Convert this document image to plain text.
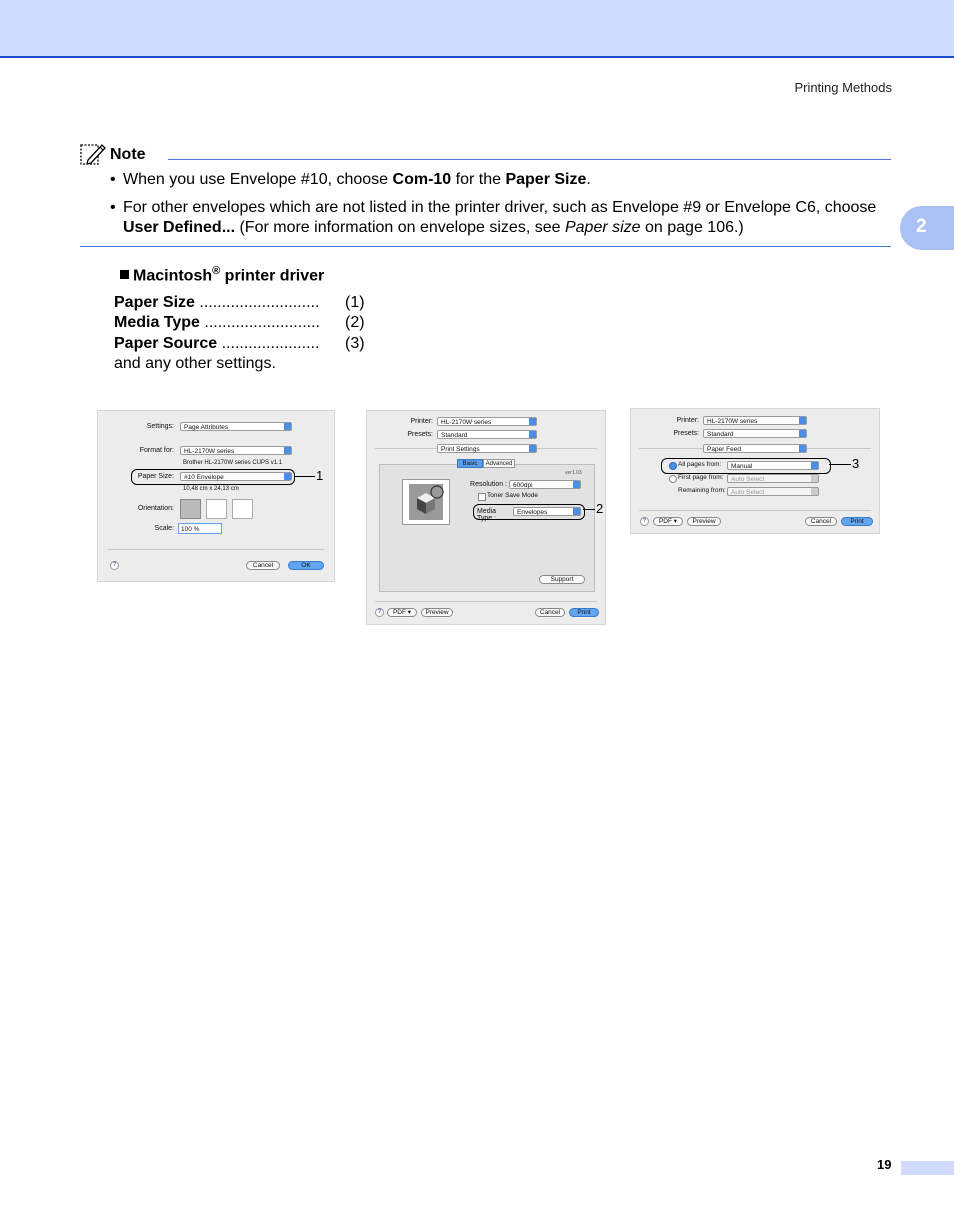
Printing Methods
2
Note
• When you use Envelope #10, choose Com-10 for the Paper Size.
• For other envelopes which are not listed in the printer driver, such as Envelope #9 or Envelope C6, choose User Defined... (For more information on envelope sizes, see Paper size on page 106.)
Macintosh® printer driver
Paper Size ........................... (1)
Media Type .......................... (2)
Paper Source ...................... (3)
and any other settings.
Settings:	Page Attributes
Format for:	HL-2170W series
Brother HL-2170W series CUPS v1.1
Paper Size:	#10 Envelope
10,48 cm x 24,13 cm
Orientation:
Scale:	100 %
?	Cancel	OK
1
Printer:	HL-2170W series
Presets:	Standard
Print Settings
Basic	Advanced
ver1.03
Resolution : 600dpi
Toner Save Mode
Media Type :
Envelopes
Support
?	PDF ▾	Preview	Cancel	Print
2
Printer:	HL-2170W series
Presets:	Standard
Paper Feed
All pages from:	Manual
First page from:	Auto Select
Remaining from: Auto Select
?	PDF ▾	Preview	Cancel	Print
3
19
